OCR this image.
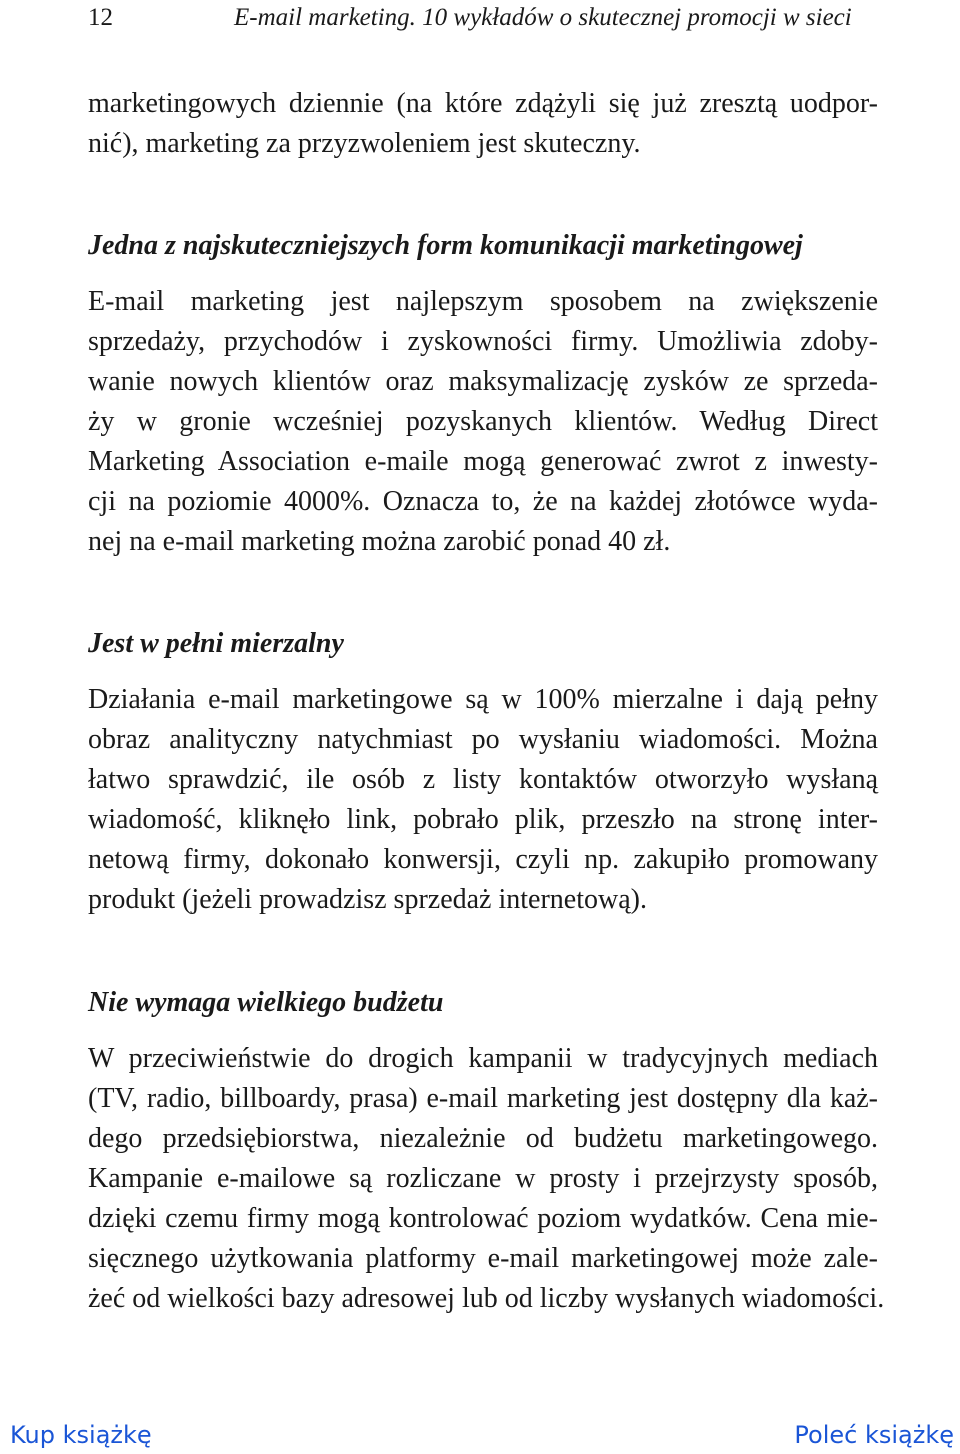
12	E-mail marketing. 10 wykładów o skutecznej promocji w sieci

marketingowych dziennie (na które zdążyli się już zresztą uodpor-
nić), marketing za przyzwoleniem jest skuteczny.

Jedna z najskuteczniejszych form komunikacji marketingowej

E-mail marketing jest najlepszym sposobem na zwiększenie
sprzedaży, przychodów i zyskowności firmy. Umożliwia zdoby-
wanie nowych klientów oraz maksymalizację zysków ze sprzeda-
ży w gronie wcześniej pozyskanych klientów. Według Direct
Marketing Association e-maile mogą generować zwrot z inwesty-
cji na poziomie 4000%. Oznacza to, że na każdej złotówce wyda-
nej na e-mail marketing można zarobić ponad 40 zł.

Jest w pełni mierzalny

Działania e-mail marketingowe są w 100% mierzalne i dają pełny
obraz analityczny natychmiast po wysłaniu wiadomości. Można
łatwo sprawdzić, ile osób z listy kontaktów otworzyło wysłaną
wiadomość, kliknęło link, pobrało plik, przeszło na stronę inter-
netową firmy, dokonało konwersji, czyli np. zakupiło promowany
produkt (jeżeli prowadzisz sprzedaż internetową).

Nie wymaga wielkiego budżetu

W przeciwieństwie do drogich kampanii w tradycyjnych mediach
(TV, radio, billboardy, prasa) e-mail marketing jest dostępny dla każ-
dego przedsiębiorstwa, niezależnie od budżetu marketingowego.
Kampanie e-mailowe są rozliczane w prosty i przejrzysty sposób,
dzięki czemu firmy mogą kontrolować poziom wydatków. Cena mie-
sięcznego użytkowania platformy e-mail marketingowej może zale-
żeć od wielkości bazy adresowej lub od liczby wysłanych wiadomości.

Kup książkę	Poleć książkę
